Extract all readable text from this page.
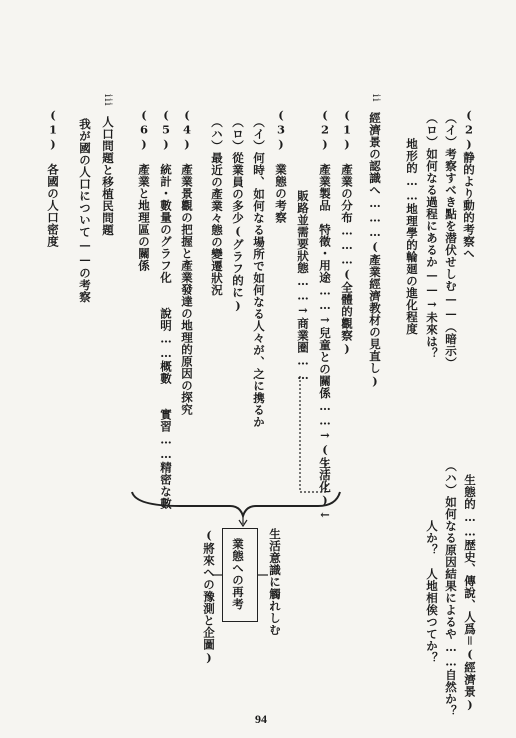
(2)静的より動的考察へ
（イ）考察すべき點を潜伏せしむ——（暗示）
（ロ）如何なる過程にあるか——→未來は？
地形的……地理學的輪廻の進化程度
生態的……歴史、傳說、人爲＝(經濟景)
（ハ）如何なる原因結果によるや……自然か？
人か？　人地相俟つてか？
ii
經濟景の認識へ………(產業經濟教材の見直し)
(1)　產業の分布………(全體的觀察)
(2)　產業製品　特徵・用途……→兒童との關係……→(生活化)←
販路並需要狀態……→商業圏……
(3)　業態の考察
（イ）何時、如何なる場所で如何なる人々が、之に携るか
（ロ）從業員の多少(グラフ的に)
（ハ）最近の產業々態の變遷狀況
(4)　產業景觀の把握と產業發達の地理的原因の探究
(5)　統計・數量のグラフ化　　說明……概數　　實習……精密な數
(6)　產業と地理區の關係
iii
人口問題と移植民問題
我が國の人口について——の考察
(1)　各國の人口密度
生活意識に觸れしむ
業態への再考
(將來への豫測と企圖)
94
